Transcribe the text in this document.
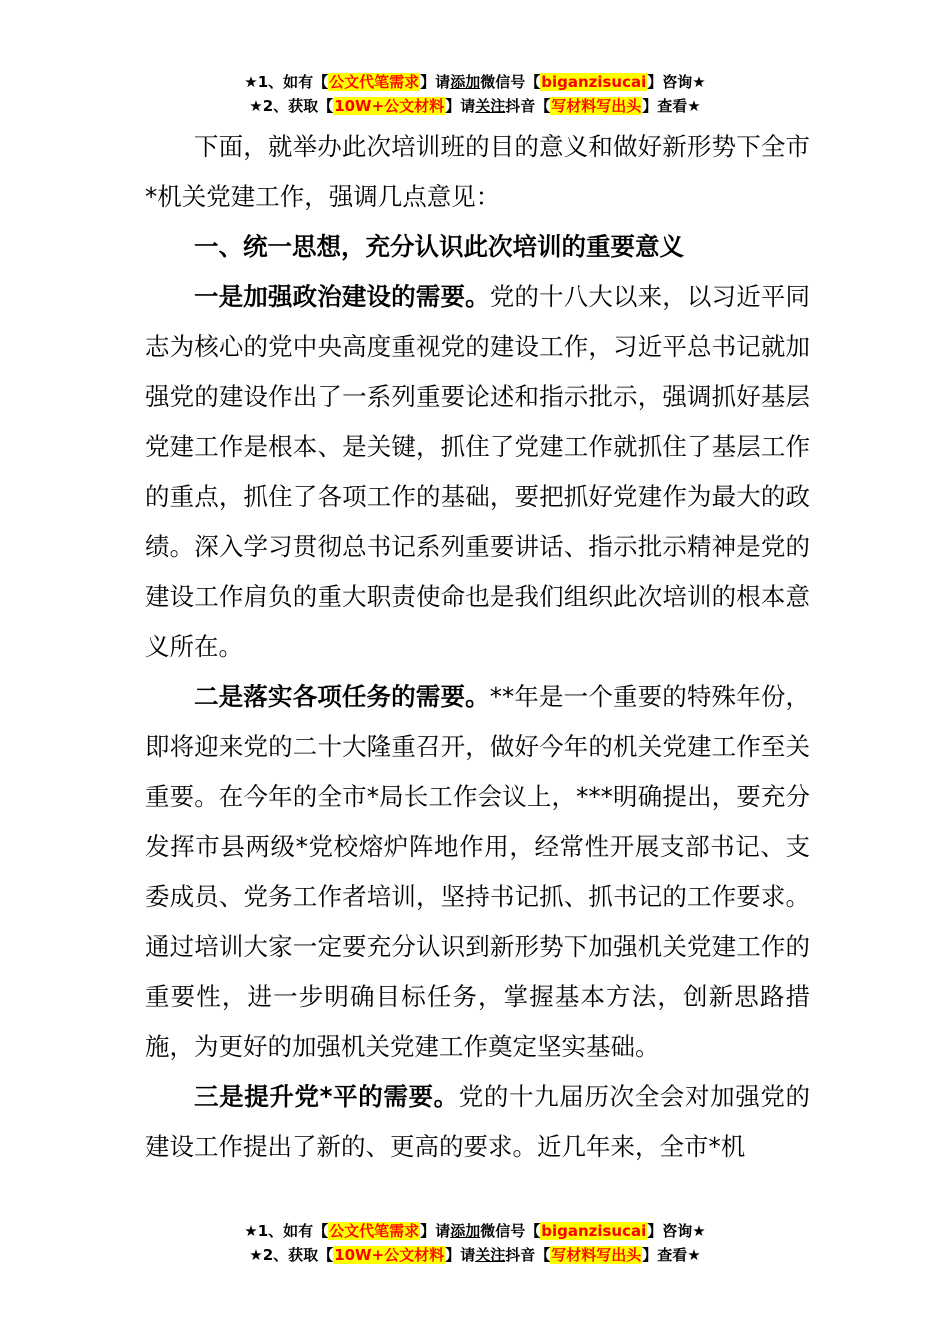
★1、如有【公文代笔需求】请添加微信号【biganzisucai】咨询★
★2、获取【10W+公文材料】请关注抖音【写材料写出头】查看★

下面，就举办此次培训班的目的意义和做好新形势下全市*机关党建工作，强调几点意见：

一、统一思想，充分认识此次培训的重要意义

一是加强政治建设的需要。党的十八大以来，以习近平同志为核心的党中央高度重视党的建设工作，习近平总书记就加强党的建设作出了一系列重要论述和指示批示，强调抓好基层党建工作是根本、是关键，抓住了党建工作就抓住了基层工作的重点，抓住了各项工作的基础，要把抓好党建作为最大的政绩。深入学习贯彻总书记系列重要讲话、指示批示精神是党的建设工作肩负的重大职责使命也是我们组织此次培训的根本意义所在。

二是落实各项任务的需要。**年是一个重要的特殊年份，即将迎来党的二十大隆重召开，做好今年的机关党建工作至关重要。在今年的全市*局长工作会议上，***明确提出，要充分发挥市县两级*党校熔炉阵地作用，经常性开展支部书记、支委成员、党务工作者培训，坚持书记抓、抓书记的工作要求。通过培训大家一定要充分认识到新形势下加强机关党建工作的重要性，进一步明确目标任务，掌握基本方法，创新思路措施，为更好的加强机关党建工作奠定坚实基础。

三是提升党*平的需要。党的十九届历次全会对加强党的建设工作提出了新的、更高的要求。近几年来，全市*机

★1、如有【公文代笔需求】请添加微信号【biganzisucai】咨询★
★2、获取【10W+公文材料】请关注抖音【写材料写出头】查看★
